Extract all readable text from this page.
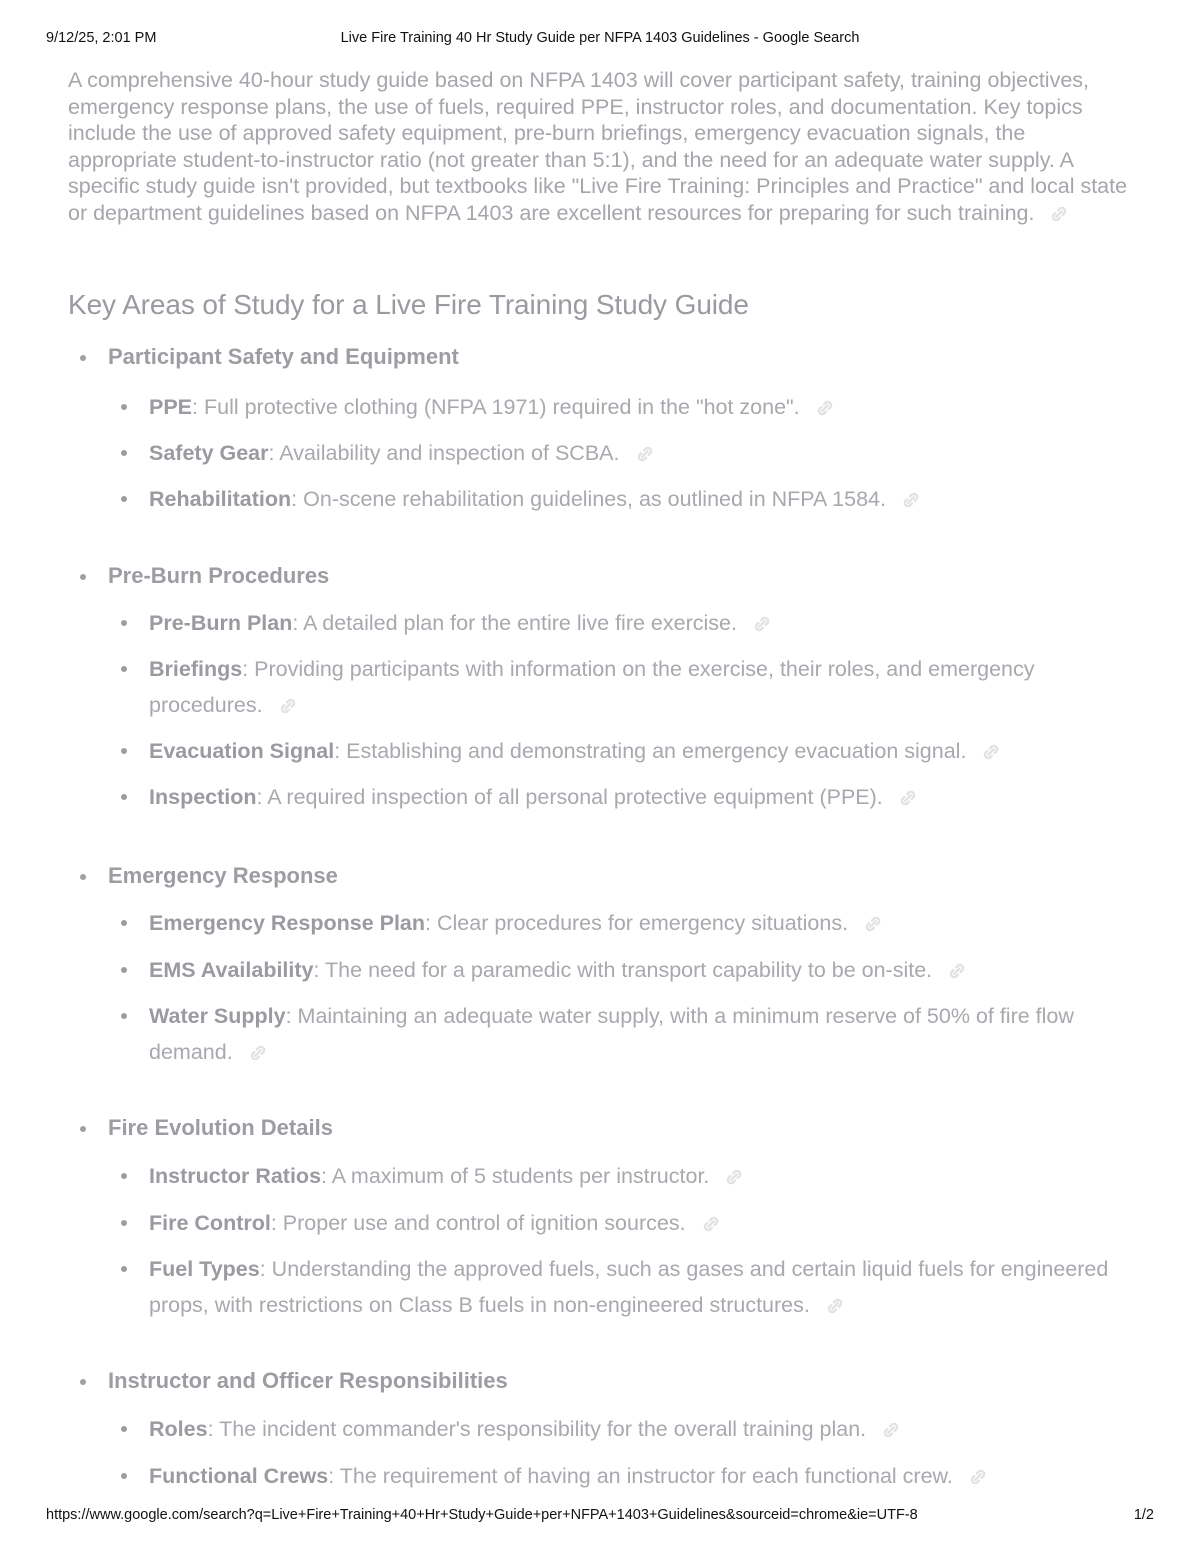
9/12/25, 2:01 PM	Live Fire Training 40 Hr Study Guide per NFPA 1403 Guidelines - Google Search

A comprehensive 40-hour study guide based on NFPA 1403 will cover participant safety, training objectives, emergency response plans, the use of fuels, required PPE, instructor roles, and documentation. Key topics include the use of approved safety equipment, pre-burn briefings, emergency evacuation signals, the appropriate student-to-instructor ratio (not greater than 5:1), and the need for an adequate water supply. A specific study guide isn't provided, but textbooks like "Live Fire Training: Principles and Practice" and local state or department guidelines based on NFPA 1403 are excellent resources for preparing for such training.

Key Areas of Study for a Live Fire Training Study Guide
Participant Safety and Equipment
PPE: Full protective clothing (NFPA 1971) required in the "hot zone".
Safety Gear: Availability and inspection of SCBA.
Rehabilitation: On-scene rehabilitation guidelines, as outlined in NFPA 1584.
Pre-Burn Procedures
Pre-Burn Plan: A detailed plan for the entire live fire exercise.
Briefings: Providing participants with information on the exercise, their roles, and emergency procedures.
Evacuation Signal: Establishing and demonstrating an emergency evacuation signal.
Inspection: A required inspection of all personal protective equipment (PPE).
Emergency Response
Emergency Response Plan: Clear procedures for emergency situations.
EMS Availability: The need for a paramedic with transport capability to be on-site.
Water Supply: Maintaining an adequate water supply, with a minimum reserve of 50% of fire flow demand.
Fire Evolution Details
Instructor Ratios: A maximum of 5 students per instructor.
Fire Control: Proper use and control of ignition sources.
Fuel Types: Understanding the approved fuels, such as gases and certain liquid fuels for engineered props, with restrictions on Class B fuels in non-engineered structures.
Instructor and Officer Responsibilities
Roles: The incident commander's responsibility for the overall training plan.
Functional Crews: The requirement of having an instructor for each functional crew.
https://www.google.com/search?q=Live+Fire+Training+40+Hr+Study+Guide+per+NFPA+1403+Guidelines&sourceid=chrome&ie=UTF-8	1/2
